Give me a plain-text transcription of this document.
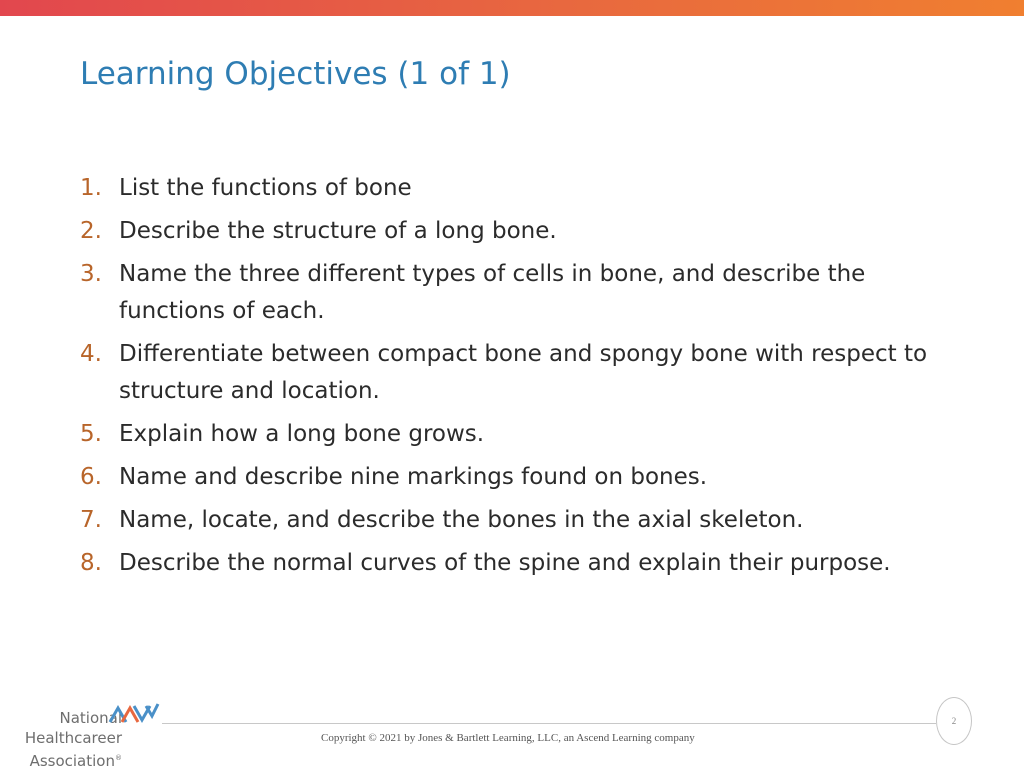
Learning Objectives (1 of 1)
1. List the functions of bone
2. Describe the structure of a long bone.
3. Name the three different types of cells in bone, and describe the functions of each.
4. Differentiate between compact bone and spongy bone with respect to structure and location.
5. Explain how a long bone grows.
6. Name and describe nine markings found on bones.
7. Name, locate, and describe the bones in the axial skeleton.
8. Describe the normal curves of the spine and explain their purpose.
National
Healthcareer
Association®
2
Copyright © 2021 by Jones & Bartlett Learning, LLC, an Ascend Learning company
